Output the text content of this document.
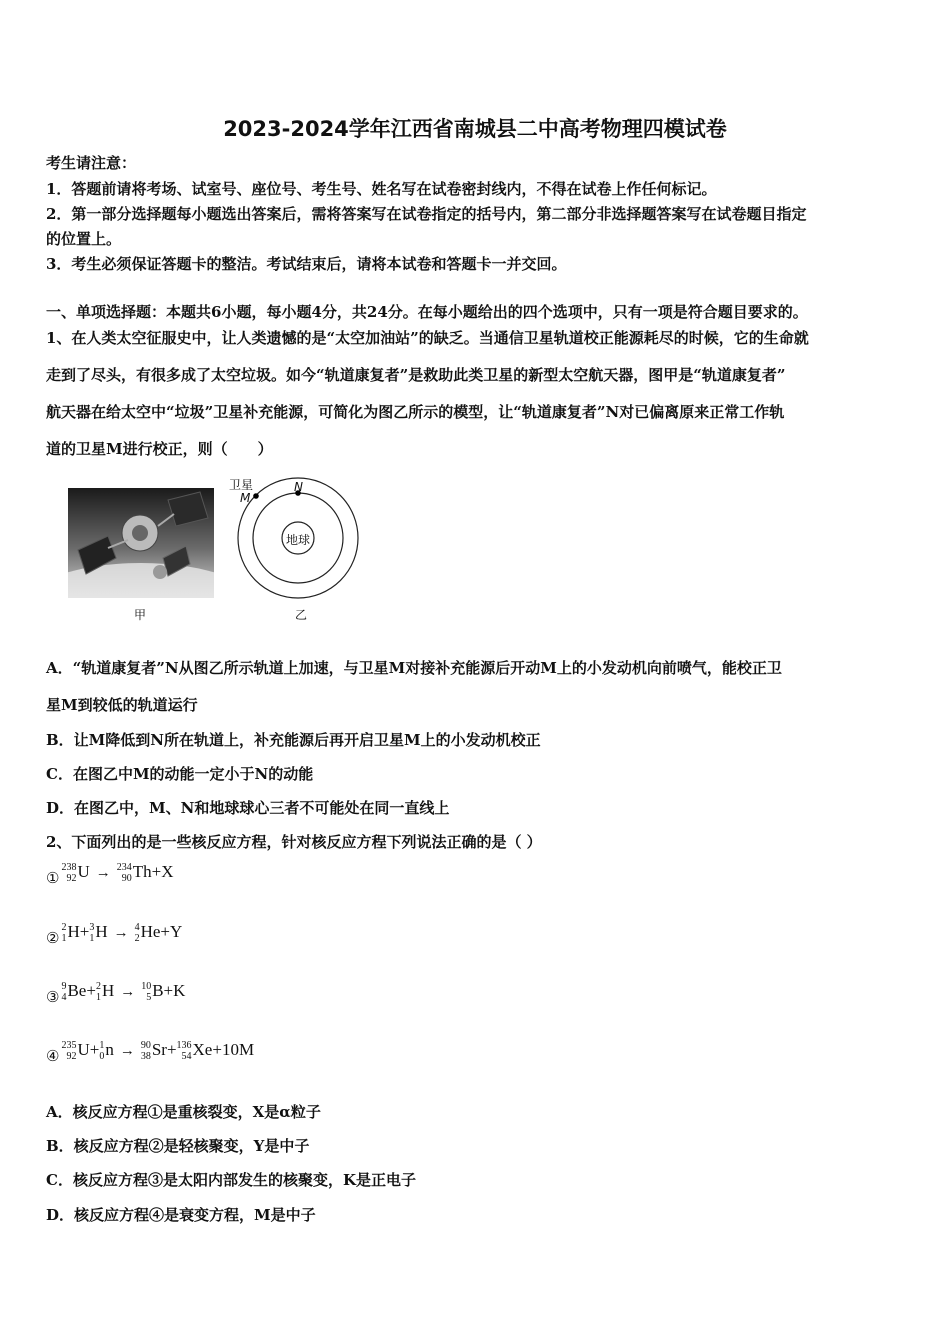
2023-2024学年江西省南城县二中高考物理四模试卷
考生请注意：
1．答题前请将考场、试室号、座位号、考生号、姓名写在试卷密封线内，不得在试卷上作任何标记。
2．第一部分选择题每小题选出答案后，需将答案写在试卷指定的括号内，第二部分非选择题答案写在试卷题目指定
的位置上。
3．考生必须保证答题卡的整洁。考试结束后，请将本试卷和答题卡一并交回。
一、单项选择题：本题共6小题，每小题4分，共24分。在每小题给出的四个选项中，只有一项是符合题目要求的。
1、在人类太空征服史中，让人类遗憾的是“太空加油站”的缺乏。当通信卫星轨道校正能源耗尽的时候，它的生命就
走到了尽头，有很多成了太空垃圾。如今“轨道康复者”是救助此类卫星的新型太空航天器，图甲是“轨道康复者”
航天器在给太空中“垃圾”卫星补充能源，可简化为图乙所示的模型，让“轨道康复者”N对已偏离原来正常工作轨
道的卫星M进行校正，则（　　）
甲
卫星
M
N
地球
乙
A．“轨道康复者”N从图乙所示轨道上加速，与卫星M对接补充能源后开动M上的小发动机向前喷气，能校正卫
星M到较低的轨道运行
B．让M降低到N所在轨道上，补充能源后再开启卫星M上的小发动机校正
C．在图乙中M的动能一定小于N的动能
D．在图乙中，M、N和地球球心三者不可能处在同一直线上
2、下面列出的是一些核反应方程，针对核反应方程下列说法正确的是（ ）
①
238
92 U → 234
90 Th+X
②
2
1 H+ 3
1 H → 4
2 He+Y
③
9
4 Be+ 2
1 H → 10
5 B+K
④
235
92 U+ 1
0 n → 90
38 Sr+ 136
54 Xe+10M
A．核反应方程①是重核裂变，X是α粒子
B．核反应方程②是轻核聚变，Y是中子
C．核反应方程③是太阳内部发生的核聚变，K是正电子
D．核反应方程④是衰变方程，M是中子
